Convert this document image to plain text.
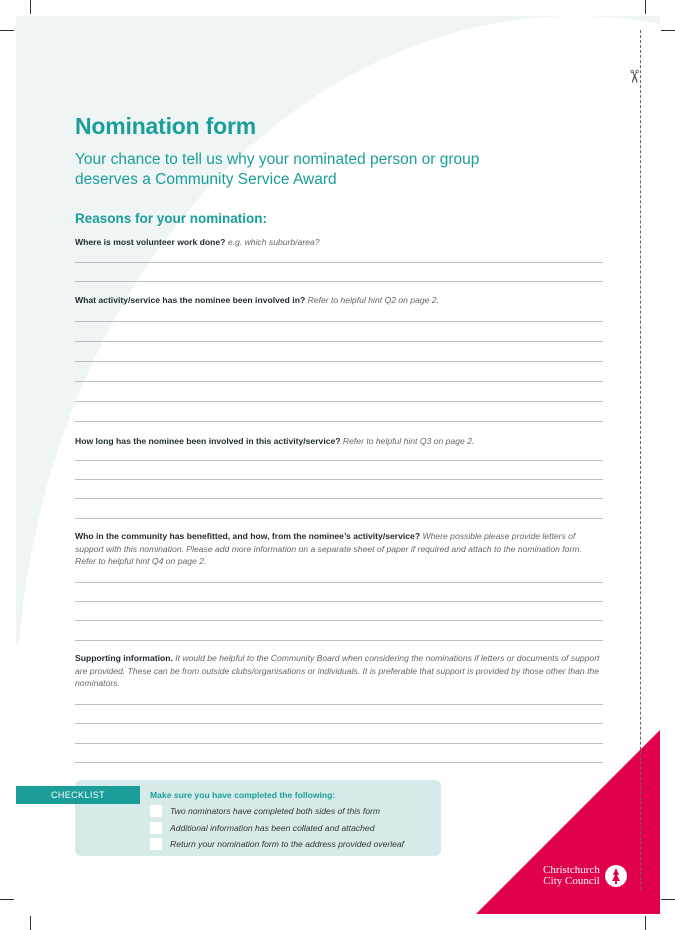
✂
Nomination form
Your chance to tell us why your nominated person or group deserves a Community Service Award
Reasons for your nomination:
Where is most volunteer work done? e.g. which suburb/area?
What activity/service has the nominee been involved in? Refer to helpful hint Q2 on page 2.
How long has the nominee been involved in this activity/service? Refer to helpful hint Q3 on page 2.
Who in the community has benefitted, and how, from the nominee’s activity/service? Where possible please provide letters of support with this nomination. Please add more information on a separate sheet of paper if required and attach to the nomination form. Refer to helpful hint Q4 on page 2.
Supporting information. It would be helpful to the Community Board when considering the nominations if letters or documents of support are provided. These can be from outside clubs/organisations or individuals. It is preferable that support is provided by those other than the nominators.
CHECKLIST	Make sure you have completed the following:
Two nominators have completed both sides of this form
Additional information has been collated and attached
Return your nomination form to the address provided overleaf
Christchurch
City Council
